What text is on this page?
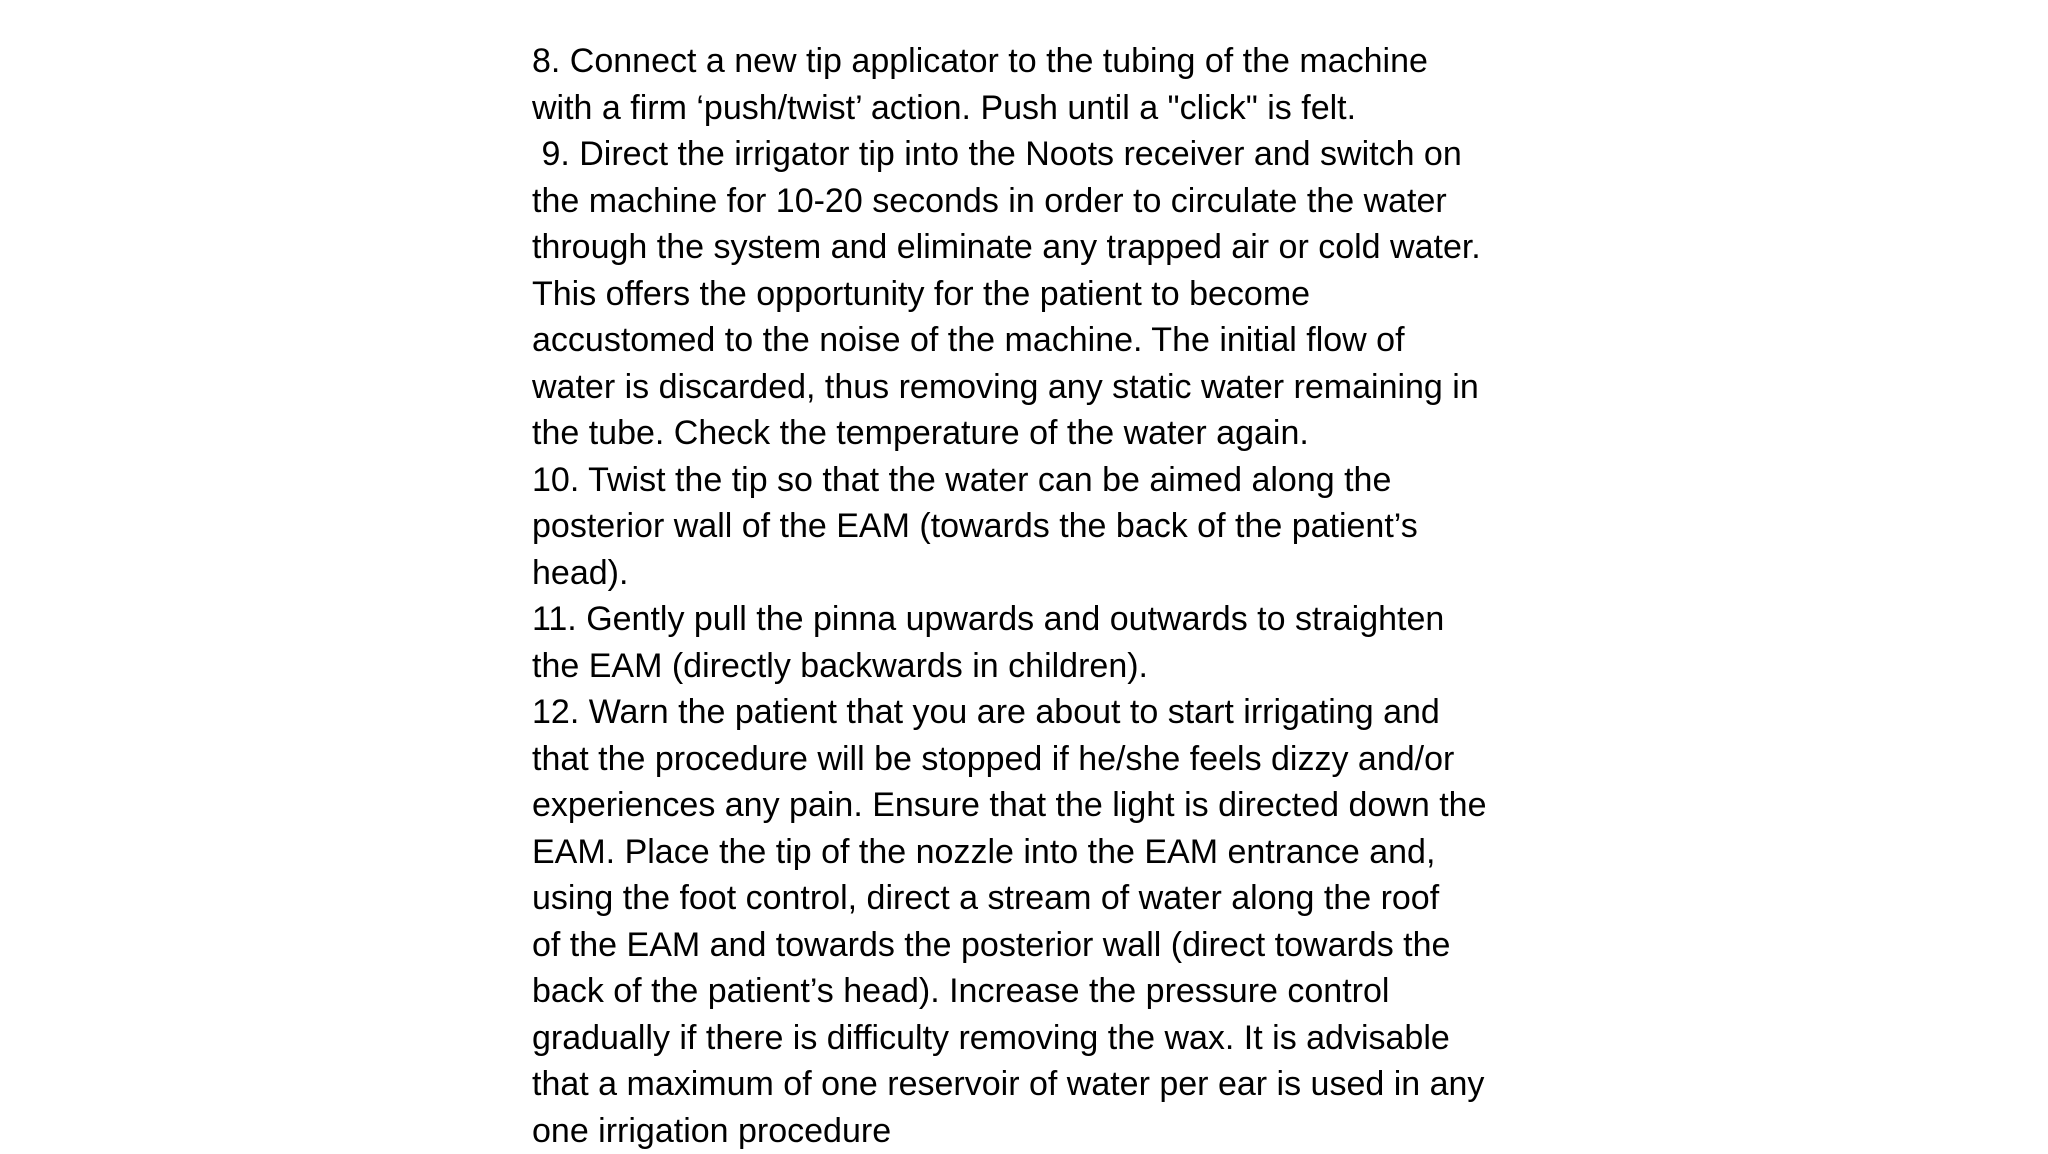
8. Connect a new tip applicator to the tubing of the machine
with a firm ‘push/twist’ action. Push until a "click" is felt.
9. Direct the irrigator tip into the Noots receiver and switch on
the machine for 10-20 seconds in order to circulate the water
through the system and eliminate any trapped air or cold water.
This offers the opportunity for the patient to become
accustomed to the noise of the machine. The initial flow of
water is discarded, thus removing any static water remaining in
the tube. Check the temperature of the water again.
10. Twist the tip so that the water can be aimed along the
posterior wall of the EAM (towards the back of the patient’s
head).
11. Gently pull the pinna upwards and outwards to straighten
the EAM (directly backwards in children).
12. Warn the patient that you are about to start irrigating and
that the procedure will be stopped if he/she feels dizzy and/or
experiences any pain. Ensure that the light is directed down the
EAM. Place the tip of the nozzle into the EAM entrance and,
using the foot control, direct a stream of water along the roof
of the EAM and towards the posterior wall (direct towards the
back of the patient’s head). Increase the pressure control
gradually if there is difficulty removing the wax. It is advisable
that a maximum of one reservoir of water per ear is used in any
one irrigation procedure
